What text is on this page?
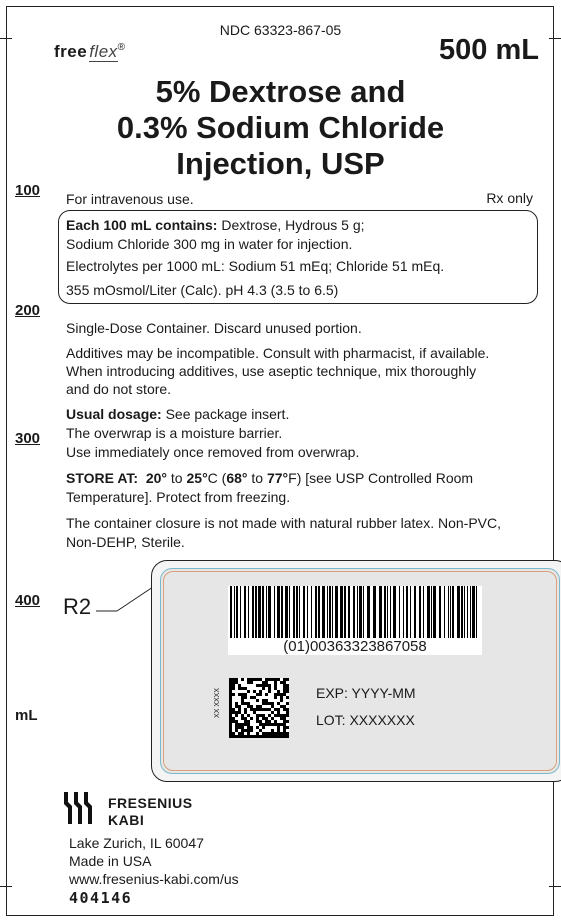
NDC 63323-867-05
free flex®	500 mL
5% Dextrose and
0.3% Sodium Chloride
Injection, USP
100
200
300
400
mL
For intravenous use.	Rx only
Each 100 mL contains: Dextrose, Hydrous 5 g;
Sodium Chloride 300 mg in water for injection.
Electrolytes per 1000 mL: Sodium 51 mEq; Chloride 51 mEq.
355 mOsmol/Liter (Calc). pH 4.3 (3.5 to 6.5)
Single-Dose Container. Discard unused portion.
Additives may be incompatible. Consult with pharmacist, if available.
When introducing additives, use aseptic technique, mix thoroughly
and do not store.
Usual dosage: See package insert.
The overwrap is a moisture barrier.
Use immediately once removed from overwrap.
STORE AT: 20° to 25°C (68° to 77°F) [see USP Controlled Room
Temperature]. Protect from freezing.
The container closure is not made with natural rubber latex. Non-PVC,
Non-DEHP, Sterile.
R2
(01)00363323867058
XX XXXX	EXP: YYYY-MM
LOT: XXXXXXX
FRESENIUS
KABI
Lake Zurich, IL 60047
Made in USA
www.fresenius-kabi.com/us
404146
